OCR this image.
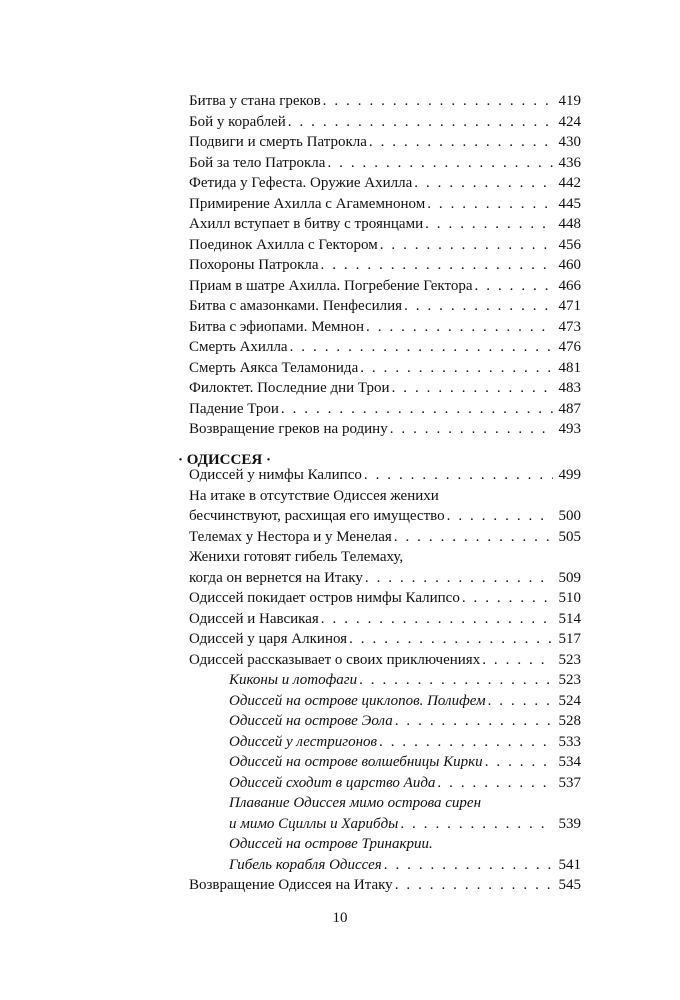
Битва у стана греков . . .	419
Бой у кораблей . . .	424
Подвиги и смерть Патрокла . . .	430
Бой за тело Патрокла . . .	436
Фетида у Гефеста. Оружие Ахилла . . .	442
Примирение Ахилла с Агамемноном . . .	445
Ахилл вступает в битву с троянцами . . .	448
Поединок Ахилла с Гектором . . .	456
Похороны Патрокла . . .	460
Приам в шатре Ахилла. Погребение Гектора . . .	466
Битва с амазонками. Пенфесилия . . .	471
Битва с эфиопами. Мемнон . . .	473
Смерть Ахилла . . .	476
Смерть Аякса Теламонида . . .	481
Филоктет. Последние дни Трои . . .	483
Падение Трои . . .	487
Возвращение греков на родину . . .	493
· ОДИССЕЯ ·
Одиссей у нимфы Калипсо . . .	499
На итаке в отсутствие Одиссея женихи
бесчинствуют, расхищая его имущество . . .	500
Телемах у Нестора и у Менелая . . .	505
Женихи готовят гибель Телемаху,
когда он вернется на Итаку . . .	509
Одиссей покидает остров нимфы Калипсо . . .	510
Одиссей и Навсикая . . .	514
Одиссей у царя Алкиноя . . .	517
Одиссей рассказывает о своих приключениях . . .	523
Киконы и лотофаги . . .	523
Одиссей на острове циклопов. Полифем . . .	524
Одиссей на острове Эола . . .	528
Одиссей у лестригонов . . .	533
Одиссей на острове волшебницы Кирки . . .	534
Одиссей сходит в царство Аида . . .	537
Плавание Одиссея мимо острова сирен
и мимо Сциллы и Харибды . . .	539
Одиссей на острове Тринакрии.
Гибель корабля Одиссея . . .	541
Возвращение Одиссея на Итаку . . .	545
10
